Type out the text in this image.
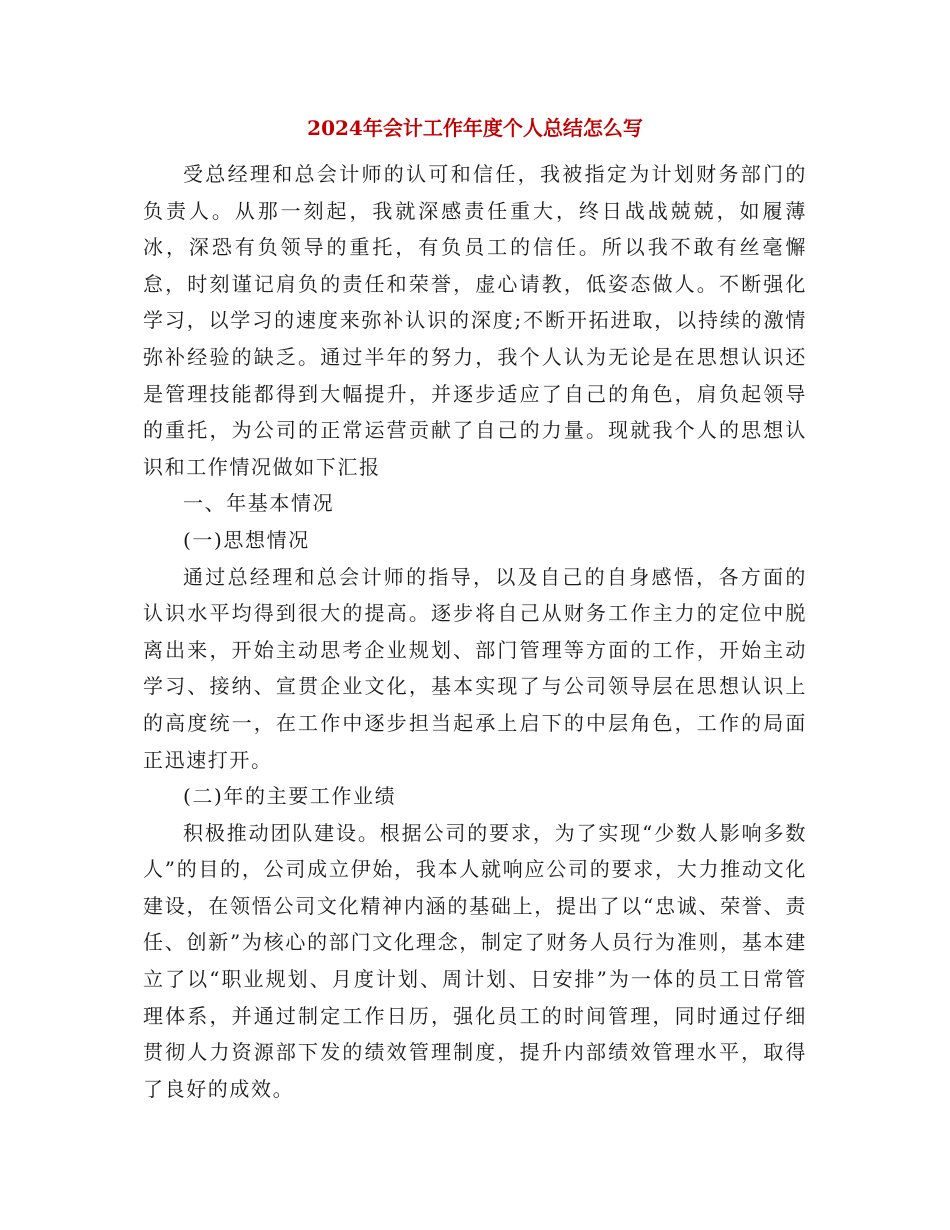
2024年会计工作年度个人总结怎么写

受总经理和总会计师的认可和信任，我被指定为计划财务部门的负责人。从那一刻起，我就深感责任重大，终日战战兢兢，如履薄冰，深恐有负领导的重托，有负员工的信任。所以我不敢有丝毫懈怠，时刻谨记肩负的责任和荣誉，虚心请教，低姿态做人。不断强化学习，以学习的速度来弥补认识的深度;不断开拓进取，以持续的激情弥补经验的缺乏。通过半年的努力，我个人认为无论是在思想认识还是管理技能都得到大幅提升，并逐步适应了自己的角色，肩负起领导的重托，为公司的正常运营贡献了自己的力量。现就我个人的思想认识和工作情况做如下汇报

一、年基本情况

(一)思想情况

通过总经理和总会计师的指导，以及自己的自身感悟，各方面的认识水平均得到很大的提高。逐步将自己从财务工作主力的定位中脱离出来，开始主动思考企业规划、部门管理等方面的工作，开始主动学习、接纳、宣贯企业文化，基本实现了与公司领导层在思想认识上的高度统一，在工作中逐步担当起承上启下的中层角色，工作的局面正迅速打开。

(二)年的主要工作业绩

积极推动团队建设。根据公司的要求，为了实现“少数人影响多数人”的目的，公司成立伊始，我本人就响应公司的要求，大力推动文化建设，在领悟公司文化精神内涵的基础上，提出了以“忠诚、荣誉、责任、创新”为核心的部门文化理念，制定了财务人员行为准则，基本建立了以“职业规划、月度计划、周计划、日安排”为一体的员工日常管理体系，并通过制定工作日历，强化员工的时间管理，同时通过仔细贯彻人力资源部下发的绩效管理制度，提升内部绩效管理水平，取得了良好的成效。
